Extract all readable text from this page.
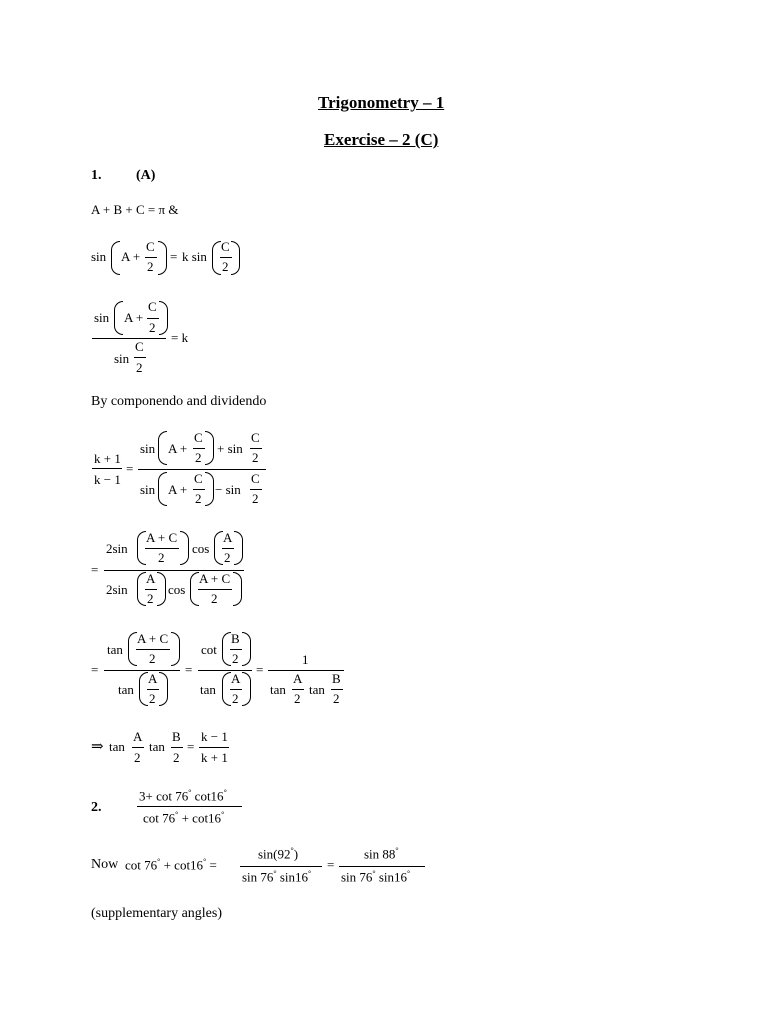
Trigonometry – 1
Exercise – 2 (C)
1. (A)
A + B + C = π &
sin A +
C
2
= k sin
C
2
sin A +
C
2
sin
C
2
= k
By componendo and dividendo
k + 1
k − 1
=
sin A +
C
2
+ sin
C
2
sin A +
C
2
− sin
C
2
=
2sin
A + C
2
cos
A
2
2sin
A
2
cos
A + C
2
=
tan
A + C
2
tan
A
2
=
cot
B
2
tan
A
2
=
1
tan
A
2
tan
B
2
⇒ tan
A
2
tan
B
2
=
k − 1
k + 1
2.
3+ cot 76° cot16°
cot 76° + cot16°
Now cot 76° + cot16° =
sin(92°)
sin 76° sin16°
=
sin 88°
sin 76° sin16°
(supplementary angles)
